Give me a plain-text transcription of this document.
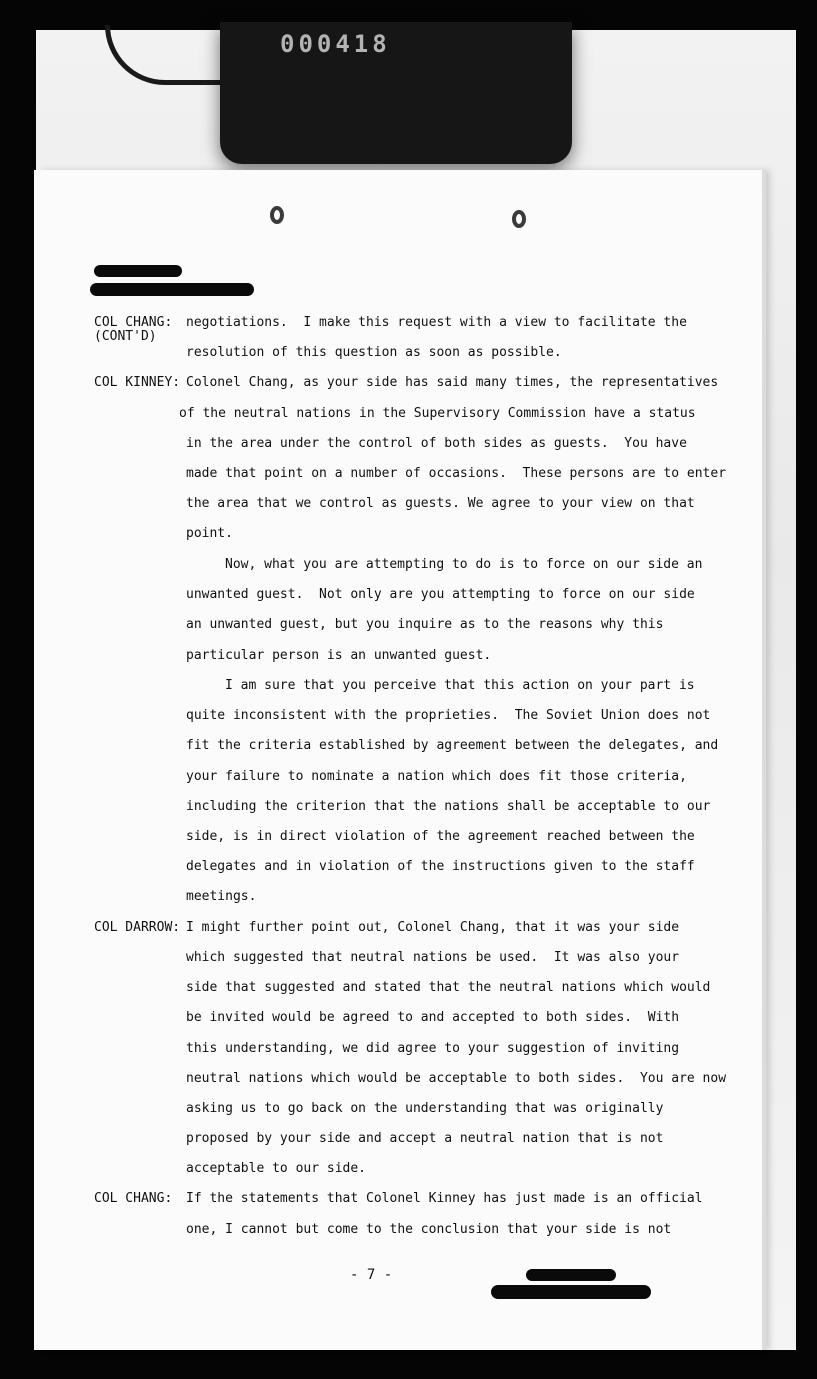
000418
COL CHANG:
(CONT'D)
negotiations.  I make this request with a view to facilitate the
resolution of this question as soon as possible.
COL KINNEY: Colonel Chang, as your side has said many times, the representatives
of the neutral nations in the Supervisory Commission have a status
in the area under the control of both sides as guests.  You have
made that point on a number of occasions.  These persons are to enter
the area that we control as guests. We agree to your view on that
point.
Now, what you are attempting to do is to force on our side an
unwanted guest.  Not only are you attempting to force on our side
an unwanted guest, but you inquire as to the reasons why this
particular person is an unwanted guest.
I am sure that you perceive that this action on your part is
quite inconsistent with the proprieties.  The Soviet Union does not
fit the criteria established by agreement between the delegates, and
your failure to nominate a nation which does fit those criteria,
including the criterion that the nations shall be acceptable to our
side, is in direct violation of the agreement reached between the
delegates and in violation of the instructions given to the staff
meetings.
COL DARROW: I might further point out, Colonel Chang, that it was your side
which suggested that neutral nations be used.  It was also your
side that suggested and stated that the neutral nations which would
be invited would be agreed to and accepted to both sides.  With
this understanding, we did agree to your suggestion of inviting
neutral nations which would be acceptable to both sides.  You are now
asking us to go back on the understanding that was originally
proposed by your side and accept a neutral nation that is not
acceptable to our side.
COL CHANG: If the statements that Colonel Kinney has just made is an official
one, I cannot but come to the conclusion that your side is not
- 7 -
